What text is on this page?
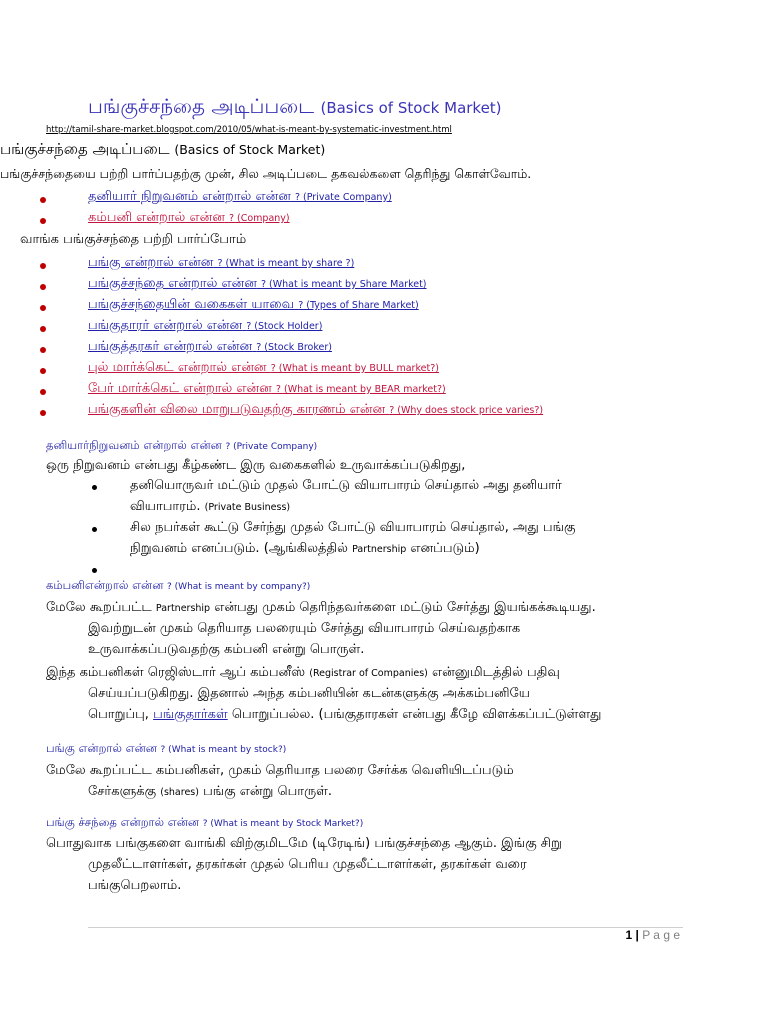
பங்குச்சந்தை அடிப்படை (Basics of Stock Market)
http://tamil-share-market.blogspot.com/2010/05/what-is-meant-by-systematic-investment.html
பங்குச்சந்தை அடிப்படை (Basics of Stock Market)
பங்குச்சந்தையை பற்றி பார்ப்பதற்கு முன், சில அடிப்படை தகவல்களை தெரிந்து கொள்வோம்.
தனியார் நிறுவனம் என்றால் என்ன ? (Private Company)
கம்பனி என்றால் என்ன ? (Company)
வாங்க பங்குச்சந்தை பற்றி பார்ப்போம்
பங்கு என்றால் என்ன ? (What is meant by share ?)
பங்குச்சந்தை என்றால் என்ன ? (What is meant by Share Market)
பங்குச்சந்தையின் வகைகள் யாவை ? (Types of Share Market)
பங்குதாரர் என்றால் என்ன ? (Stock Holder)
பங்குத்தரகர் என்றால் என்ன ? (Stock Broker)
புல் மார்க்கெட் என்றால் என்ன ? (What is meant by BULL market?)
பேர் மார்க்கெட் என்றால் என்ன ? (What is meant by BEAR market?)
பங்குகளின் விலை மாறுபடுவதற்கு காரணம் என்ன ? (Why does stock price varies?)
தனியார்நிறுவனம் என்றால் என்ன ? (Private Company)
ஒரு நிறுவனம் என்பது கீழ்கண்ட இரு வகைகளில் உருவாக்கப்படுகிறது,
தனியொருவர் மட்டும் முதல் போட்டு வியாபாரம் செய்தால் அது தனியார்
வியாபாரம். (Private Business)
சில நபர்கள் கூட்டு சேர்ந்து முதல் போட்டு வியாபாரம் செய்தால், அது பங்கு
நிறுவனம் எனப்படும். (ஆங்கிலத்தில் Partnership எனப்படும்)
கம்பனிஎன்றால் என்ன ? (What is meant by company?)
மேலே கூறப்பட்ட Partnership என்பது முகம் தெரிந்தவர்களை மட்டும் சேர்த்து இயங்கக்கூடியது.
இவற்றுடன் முகம் தெரியாத பலரையும் சேர்த்து வியாபாரம் செய்வதற்காக
உருவாக்கப்படுவதற்கு கம்பனி என்று பொருள்.
இந்த கம்பனிகள் ரெஜிஸ்டார் ஆப் கம்பனீஸ் (Registrar of Companies) என்னுமிடத்தில் பதிவு
செய்யப்படுகிறது. இதனால் அந்த கம்பனியின் கடன்களுக்கு அக்கம்பனியே
பொறுப்பு, பங்குதார்கள் பொறுப்பல்ல. (பங்குதாரகள் என்பது கீழே விளக்கப்பட்டுள்ளது
பங்கு என்றால் என்ன ? (What is meant by stock?)
மேலே கூறப்பட்ட கம்பனிகள், முகம் தெரியாத பலரை சேர்க்க வெளியிடப்படும்
சேர்களுக்கு (shares) பங்கு என்று பொருள்.
பங்கு ச்சந்தை என்றால் என்ன ? (What is meant by Stock Market?)
பொதுவாக பங்குகளை வாங்கி விற்குமிடமே (டிரேடிங்) பங்குச்சந்தை ஆகும். இங்கு சிறு
முதலீட்டாளர்கள், தரகர்கள் முதல் பெரிய முதலீட்டாளர்கள், தரகர்கள் வரை
பங்குபெறலாம்.
1 | P a g e
